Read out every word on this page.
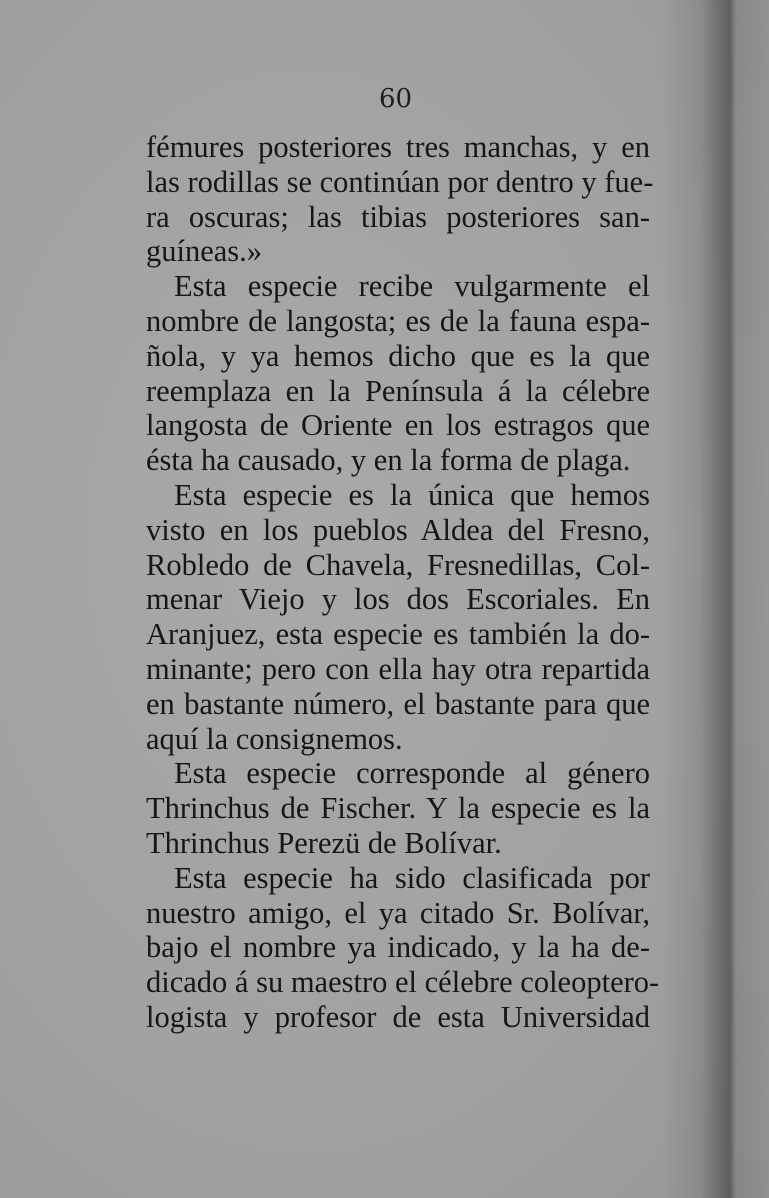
60
fémures posteriores tres manchas, y en
las rodillas se continúan por dentro y fue-
ra oscuras; las tibias posteriores san-
guíneas.»
Esta especie recibe vulgarmente el
nombre de langosta; es de la fauna espa-
ñola, y ya hemos dicho que es la que
reemplaza en la Península á la célebre
langosta de Oriente en los estragos que
ésta ha causado, y en la forma de plaga.
Esta especie es la única que hemos
visto en los pueblos Aldea del Fresno,
Robledo de Chavela, Fresnedillas, Col-
menar Viejo y los dos Escoriales. En
Aranjuez, esta especie es también la do-
minante; pero con ella hay otra repartida
en bastante número, el bastante para que
aquí la consignemos.
Esta especie corresponde al género
Thrinchus de Fischer. Y la especie es la
Thrinchus Perezü de Bolívar.
Esta especie ha sido clasificada por
nuestro amigo, el ya citado Sr. Bolívar,
bajo el nombre ya indicado, y la ha de-
dicado á su maestro el célebre coleoptero-
logista y profesor de esta Universidad
